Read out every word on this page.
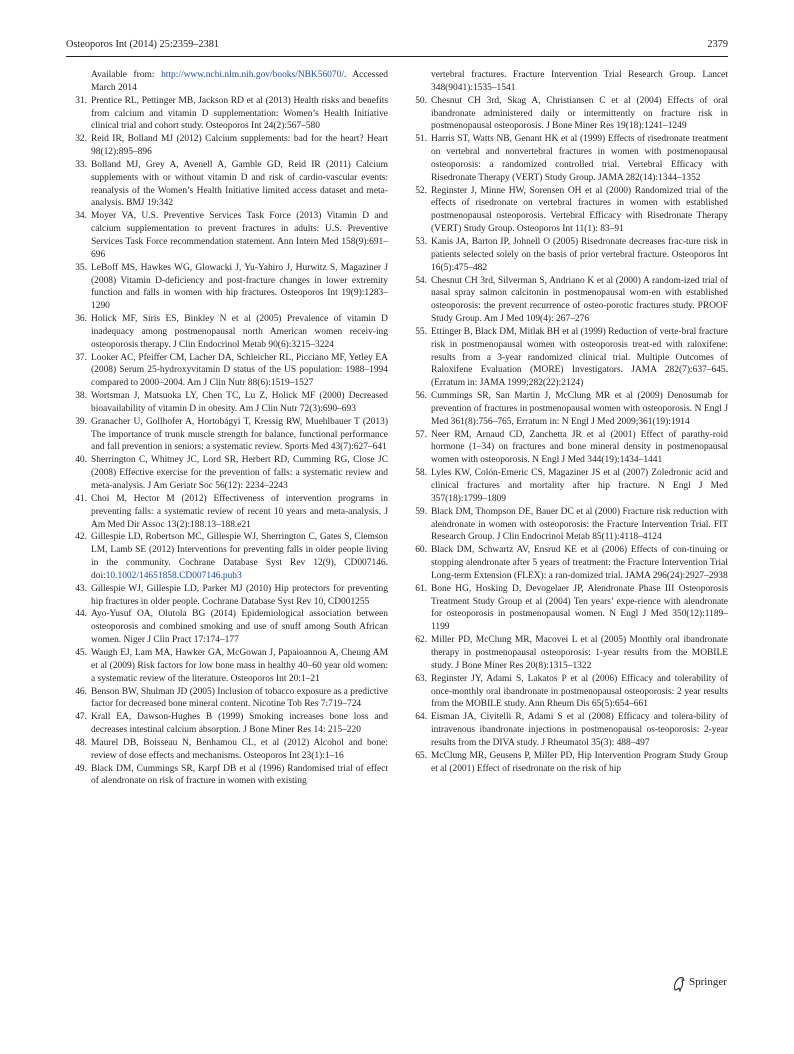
Osteoporos Int (2014) 25:2359–2381	2379
Available from: http://www.ncbi.nlm.nih.gov/books/NBK56070/. Accessed March 2014
31. Prentice RL, Pettinger MB, Jackson RD et al (2013) Health risks and benefits from calcium and vitamin D supplementation: Women’s Health Initiative clinical trial and cohort study. Osteoporos Int 24(2):567–580
32. Reid IR, Bolland MJ (2012) Calcium supplements: bad for the heart? Heart 98(12):895–896
33. Bolland MJ, Grey A, Avenell A, Gamble GD, Reid IR (2011) Calcium supplements with or without vitamin D and risk of cardio-vascular events: reanalysis of the Women’s Health Initiative limited access dataset and meta-analysis. BMJ 19:342
34. Moyer VA, U.S. Preventive Services Task Force (2013) Vitamin D and calcium supplementation to prevent fractures in adults: U.S. Preventive Services Task Force recommendation statement. Ann Intern Med 158(9):691–696
35. LeBoff MS, Hawkes WG, Glowacki J, Yu-Yahiro J, Hurwitz S, Magaziner J (2008) Vitamin D-deficiency and post-fracture changes in lower extremity function and falls in women with hip fractures. Osteoporos Int 19(9):1283–1290
36. Holick MF, Siris ES, Binkley N et al (2005) Prevalence of vitamin D inadequacy among postmenopausal north American women receiv-ing osteoporosis therapy. J Clin Endocrinol Metab 90(6):3215–3224
37. Looker AC, Pfeiffer CM, Lacher DA, Schleicher RL, Picciano MF, Yetley EA (2008) Serum 25-hydroxyvitamin D status of the US population: 1988–1994 compared to 2000–2004. Am J Clin Nutr 88(6):1519–1527
38. Wortsman J, Matsuoka LY, Chen TC, Lu Z, Holick MF (2000) Decreased bioavailability of vitamin D in obesity. Am J Clin Nutr 72(3):690–693
39. Granacher U, Gollhofer A, Hortobágyi T, Kressig RW, Muehlbauer T (2013) The importance of trunk muscle strength for balance, functional performance and fall prevention in seniors: a systematic review. Sports Med 43(7):627–641
40. Sherrington C, Whitney JC, Lord SR, Herbert RD, Cumming RG, Close JC (2008) Effective exercise for the prevention of falls: a systematic review and meta-analysis. J Am Geriatr Soc 56(12): 2234–2243
41. Choi M, Hector M (2012) Effectiveness of intervention programs in preventing falls: a systematic review of recent 10 years and meta-analysis. J Am Med Dir Assoc 13(2):188.13–188.e21
42. Gillespie LD, Robertson MC, Gillespie WJ, Sherrington C, Gates S, Clemson LM, Lamb SE (2012) Interventions for preventing falls in older people living in the community. Cochrane Database Syst Rev 12(9), CD007146. doi:10.1002/14651858.CD007146.pub3
43. Gillespie WJ, Gillespie LD, Parker MJ (2010) Hip protectors for preventing hip fractures in older people. Cochrane Database Syst Rev 10, CD001255
44. Ayo-Yusuf OA, Olutola BG (2014) Epidemiological association between osteoporosis and combined smoking and use of snuff among South African women. Niger J Clin Pract 17:174–177
45. Waugh EJ, Lam MA, Hawker GA, McGowan J, Papaioannou A, Cheung AM et al (2009) Risk factors for low bone mass in healthy 40–60 year old women: a systematic review of the literature. Osteoporos Int 20:1–21
46. Benson BW, Shulman JD (2005) Inclusion of tobacco exposure as a predictive factor for decreased bone mineral content. Nicotine Tob Res 7:719–724
47. Krall EA, Dawson-Hughes B (1999) Smoking increases bone loss and decreases intestinal calcium absorption. J Bone Miner Res 14: 215–220
48. Maurel DB, Boisseau N, Benhamou CL, et al (2012) Alcohol and bone: review of dose effects and mechanisms. Osteoporos Int 23(1):1–16
49. Black DM, Cummings SR, Karpf DB et al (1996) Randomised trial of effect of alendronate on risk of fracture in women with existing
vertebral fractures. Fracture Intervention Trial Research Group. Lancet 348(9041):1535–1541
50. Chesnut CH 3rd, Skag A, Christiansen C et al (2004) Effects of oral ibandronate administered daily or intermittently on fracture risk in postmenopausal osteoporosis. J Bone Miner Res 19(18):1241–1249
51. Harris ST, Watts NB, Genant HK et al (1999) Effects of risedronate treatment on vertebral and nonvertebral fractures in women with postmenopausal osteoporosis: a randomized controlled trial. Vertebral Efficacy with Risedronate Therapy (VERT) Study Group. JAMA 282(14):1344–1352
52. Reginster J, Minne HW, Sorensen OH et al (2000) Randomized trial of the effects of risedronate on vertebral fractures in women with established postmenopausal osteoporosis. Vertebral Efficacy with Risedronate Therapy (VERT) Study Group. Osteoporos Int 11(1): 83–91
53. Kanis JA, Barton IP, Johnell O (2005) Risedronate decreases frac-ture risk in patients selected solely on the basis of prior vertebral fracture. Osteoporos Int 16(5):475–482
54. Chesnut CH 3rd, Silverman S, Andriano K et al (2000) A random-ized trial of nasal spray salmon calcitonin in postmenopausal wom-en with established osteoporosis: the prevent recurrence of osteo-porotic fractures study. PROOF Study Group. Am J Med 109(4): 267–276
55. Ettinger B, Black DM, Mitlak BH et al (1999) Reduction of verte-bral fracture risk in postmenopausal women with osteoporosis treat-ed with raloxifene: results from a 3-year randomized clinical trial. Multiple Outcomes of Raloxifene Evaluation (MORE) Investigators. JAMA 282(7):637–645. (Erratum in: JAMA 1999;282(22):2124)
56. Cummings SR, San Martin J, McClung MR et al (2009) Denosumab for prevention of fractures in postmenopausal women with osteoporosis. N Engl J Med 361(8):756–765, Erratum in: N Engl J Med 2009;361(19):1914
57. Neer RM, Arnaud CD, Zanchetta JR et al (2001) Effect of parathy-roid hormone (1–34) on fractures and bone mineral density in postmenopausal women with osteoporosis. N Engl J Med 344(19):1434–1441
58. Lyles KW, Colón-Emeric CS, Magaziner JS et al (2007) Zoledronic acid and clinical fractures and mortality after hip fracture. N Engl J Med 357(18):1799–1809
59. Black DM, Thompson DE, Bauer DC et al (2000) Fracture risk reduction with alendronate in women with osteoporosis: the Fracture Intervention Trial. FIT Research Group. J Clin Endocrinol Metab 85(11):4118–4124
60. Black DM, Schwartz AV, Ensrud KE et al (2006) Effects of con-tinuing or stopping alendronate after 5 years of treatment: the Fracture Intervention Trial Long-term Extension (FLEX): a ran-domized trial. JAMA 296(24):2927–2938
61. Bone HG, Hosking D, Devogelaer JP, Alendronate Phase III Osteoporosis Treatment Study Group et al (2004) Ten years’ expe-rience with alendronate for osteoporosis in postmenopausal women. N Engl J Med 350(12):1189–1199
62. Miller PD, McClung MR, Macovei L et al (2005) Monthly oral ibandronate therapy in postmenopausal osteoporosis: 1-year results from the MOBILE study. J Bone Miner Res 20(8):1315–1322
63. Reginster JY, Adami S, Lakatos P et al (2006) Efficacy and tolerability of once-monthly oral ibandronate in postmenopausal osteoporosis: 2 year results from the MOBILE study. Ann Rheum Dis 65(5):654–661
64. Eisman JA, Civitelli R, Adami S et al (2008) Efficacy and tolera-bility of intravenous ibandronate injections in postmenopausal os-teoporosis: 2-year results from the DIVA study. J Rheumatol 35(3): 488–497
65. McClung MR, Geusens P, Miller PD, Hip Intervention Program Study Group et al (2001) Effect of risedronate on the risk of hip
Springer
